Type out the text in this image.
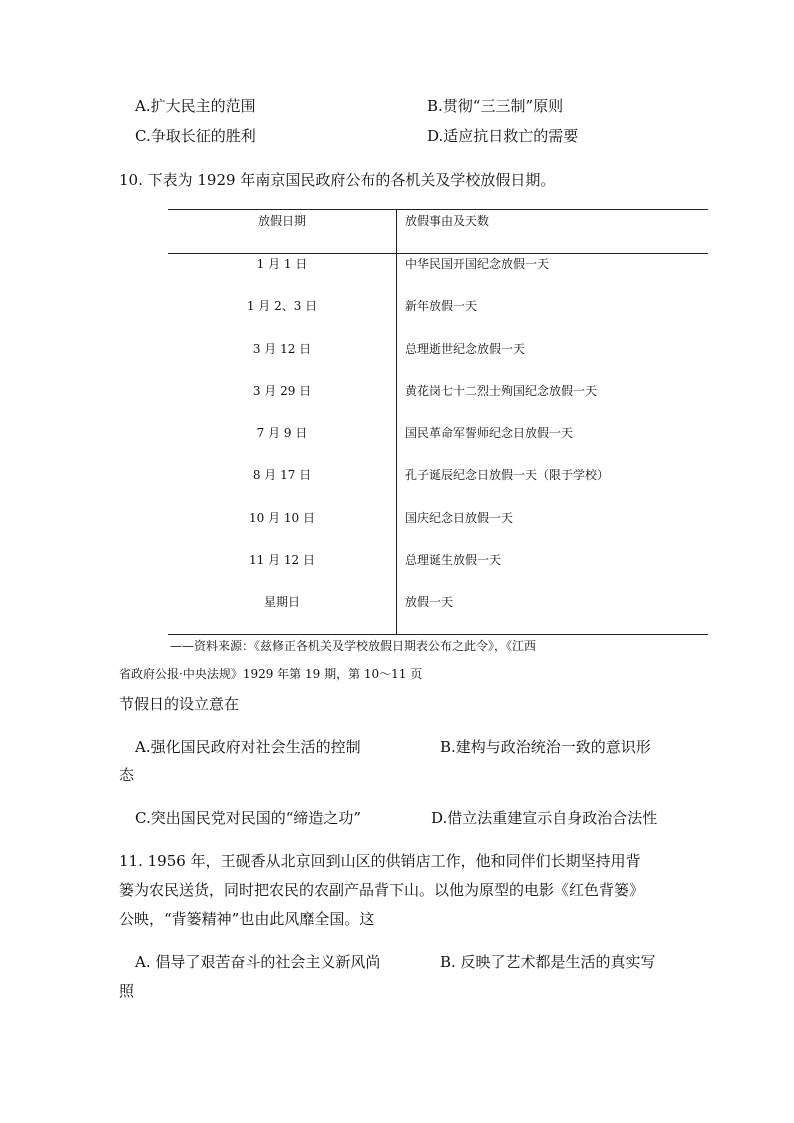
A.扩大民主的范围	B.贯彻“三三制”原则
C.争取长征的胜利	D.适应抗日救亡的需要
10. 下表为 1929 年南京国民政府公布的各机关及学校放假日期。
放假日期	放假事由及天数
1 月 1 日	中华民国开国纪念放假一天
1 月 2、3 日	新年放假一天
3 月 12 日	总理逝世纪念放假一天
3 月 29 日	黄花岗七十二烈士殉国纪念放假一天
7 月 9 日	国民革命军誓师纪念日放假一天
8 月 17 日	孔子诞辰纪念日放假一天（限于学校）
10 月 10 日	国庆纪念日放假一天
11 月 12 日	总理诞生放假一天
星期日	放假一天
——资料来源：《兹修正各机关及学校放假日期表公布之此令》，《江西
省政府公报·中央法规》1929 年第 19 期，第 10～11 页
节假日的设立意在
A.强化国民政府对社会生活的控制	B.建构与政治统治一致的意识形
态
C.突出国民党对民国的“缔造之功”	D.借立法重建宣示自身政治合法性
11. 1956 年，王砚香从北京回到山区的供销店工作，他和同伴们长期坚持用背
篓为农民送货，同时把农民的农副产品背下山。以他为原型的电影《红色背篓》
公映，“背篓精神”也由此风靡全国。这
A. 倡导了艰苦奋斗的社会主义新风尚	B. 反映了艺术都是生活的真实写
照
